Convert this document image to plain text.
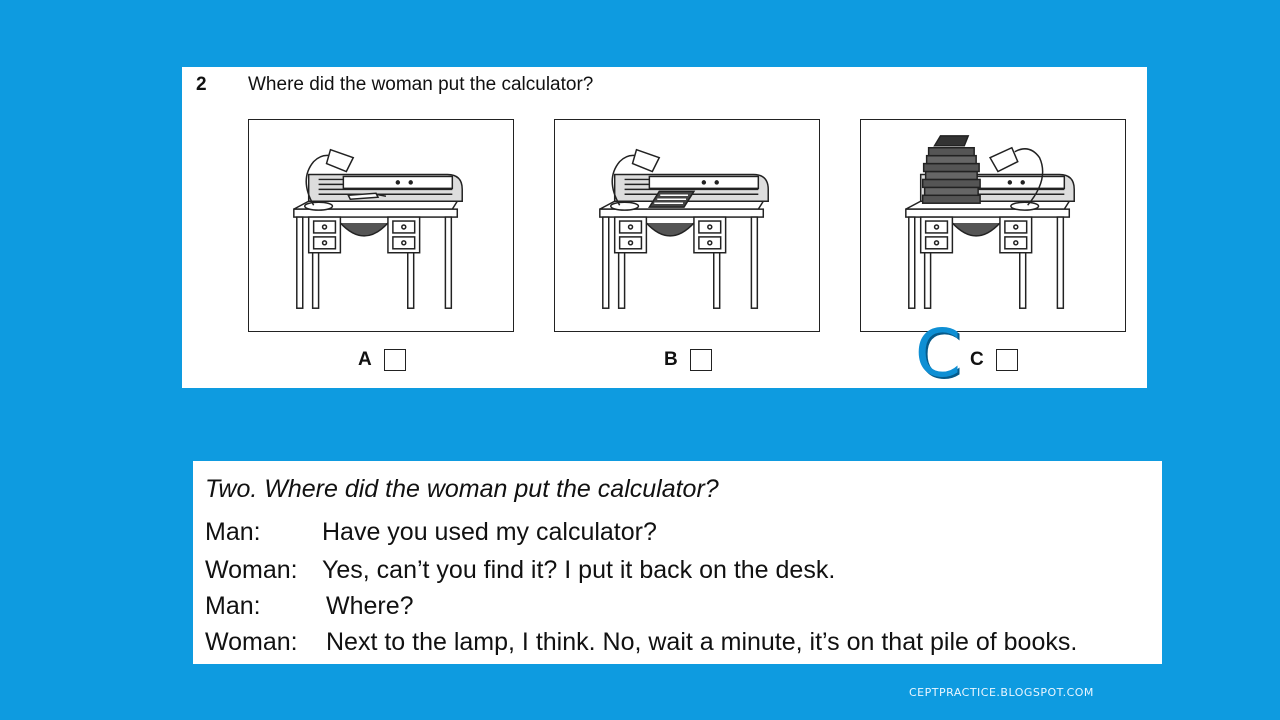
2 Where did the woman put the calculator?
A	B	C
C
Two. Where did the woman put the calculator?
Man: Have you used my calculator?
Woman: Yes, can’t you find it? I put it back on the desk.
Man:	Where?
Woman: Next to the lamp, I think. No, wait a minute, it’s on that pile of books.
CEPTPRACTICE.BLOGSPOT.COM
